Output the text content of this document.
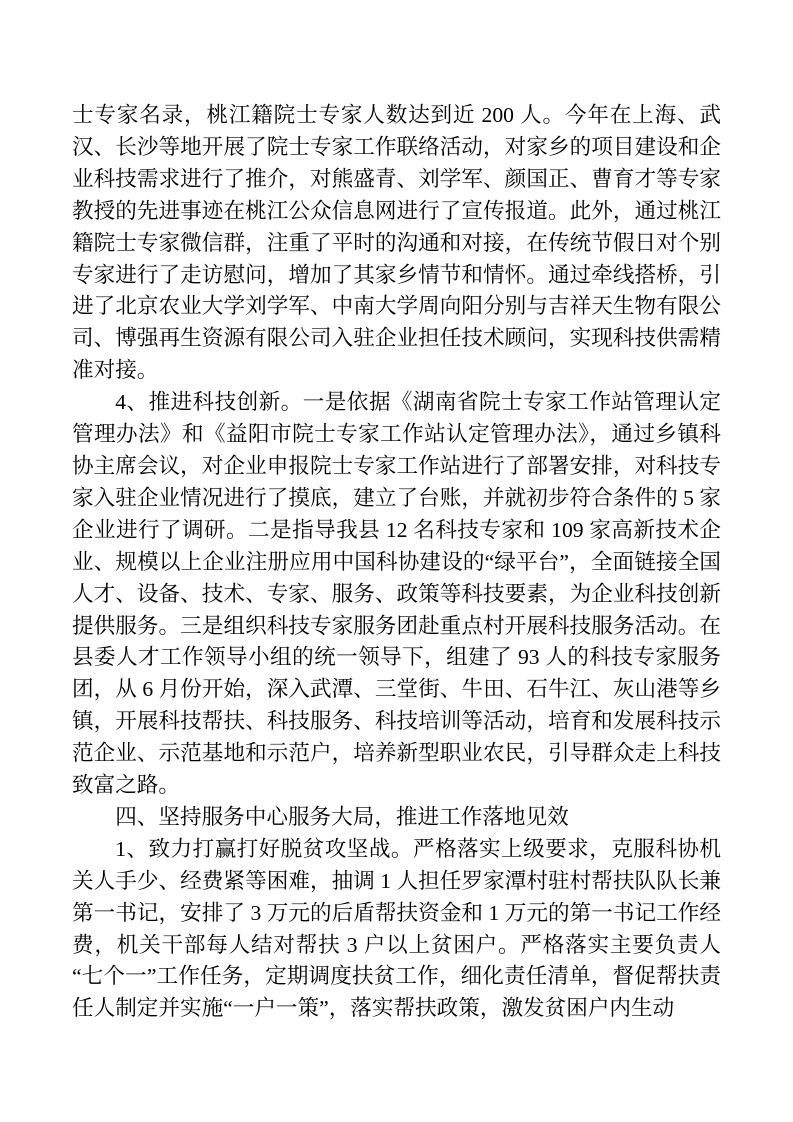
士专家名录，桃江籍院士专家人数达到近 200 人。今年在上海、武汉、长沙等地开展了院士专家工作联络活动，对家乡的项目建设和企业科技需求进行了推介，对熊盛青、刘学军、颜国正、曹育才等专家教授的先进事迹在桃江公众信息网进行了宣传报道。此外，通过桃江籍院士专家微信群，注重了平时的沟通和对接，在传统节假日对个别专家进行了走访慰问，增加了其家乡情节和情怀。通过牵线搭桥，引进了北京农业大学刘学军、中南大学周向阳分别与吉祥天生物有限公司、博强再生资源有限公司入驻企业担任技术顾问，实现科技供需精准对接。

4、推进科技创新。一是依据《湖南省院士专家工作站管理认定管理办法》和《益阳市院士专家工作站认定管理办法》，通过乡镇科协主席会议，对企业申报院士专家工作站进行了部署安排，对科技专家入驻企业情况进行了摸底，建立了台账，并就初步符合条件的 5 家企业进行了调研。二是指导我县 12 名科技专家和 109 家高新技术企业、规模以上企业注册应用中国科协建设的“绿平台”，全面链接全国人才、设备、技术、专家、服务、政策等科技要素，为企业科技创新提供服务。三是组织科技专家服务团赴重点村开展科技服务活动。在县委人才工作领导小组的统一领导下，组建了 93 人的科技专家服务团，从 6 月份开始，深入武潭、三堂街、牛田、石牛江、灰山港等乡镇，开展科技帮扶、科技服务、科技培训等活动，培育和发展科技示范企业、示范基地和示范户，培养新型职业农民，引导群众走上科技致富之路。

四、坚持服务中心服务大局，推进工作落地见效

1、致力打赢打好脱贫攻坚战。严格落实上级要求，克服科协机关人手少、经费紧等困难，抽调 1 人担任罗家潭村驻村帮扶队队长兼第一书记，安排了 3 万元的后盾帮扶资金和 1 万元的第一书记工作经费，机关干部每人结对帮扶 3 户以上贫困户。严格落实主要负责人“七个一”工作任务，定期调度扶贫工作，细化责任清单，督促帮扶责任人制定并实施“一户一策”，落实帮扶政策，激发贫困户内生动
